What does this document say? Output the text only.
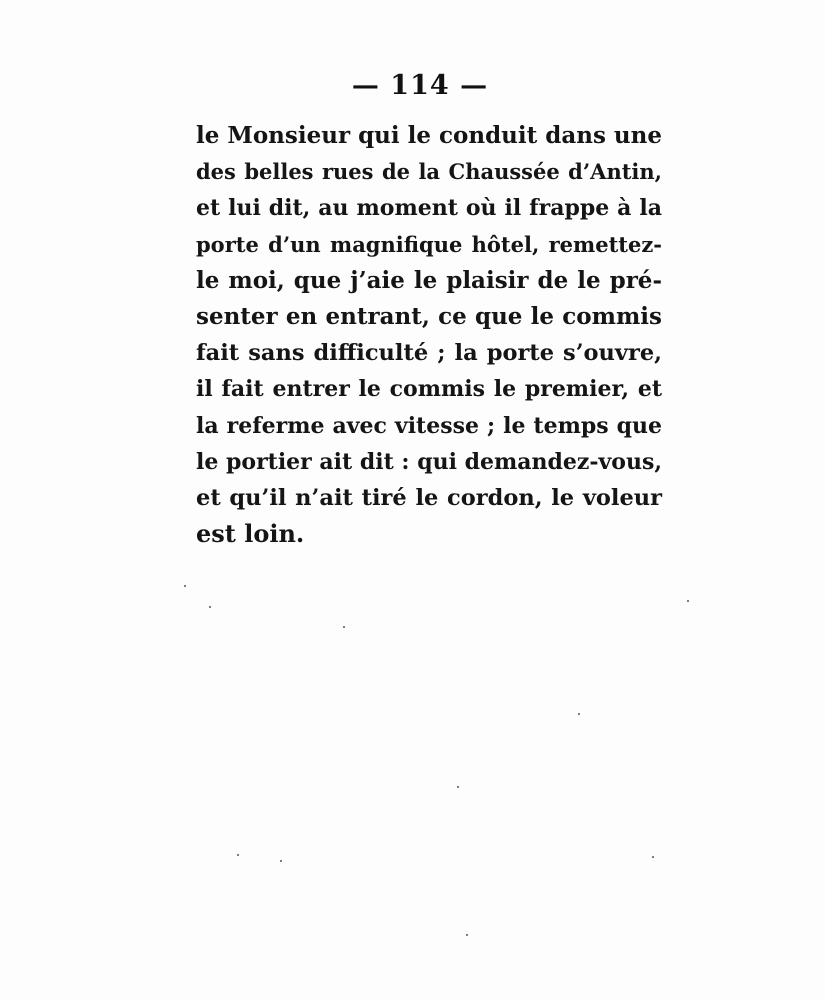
— 114 —
le Monsieur qui le conduit dans une
des belles rues de la Chaussée d’Antin,
et lui dit, au moment où il frappe à la
porte d’un magnifique hôtel, remettez-
le moi, que j’aie le plaisir de le pré-
senter en entrant, ce que le commis
fait sans difficulté ; la porte s’ouvre,
il fait entrer le commis le premier, et
la referme avec vitesse ; le temps que
le portier ait dit : qui demandez-vous,
et qu’il n’ait tiré le cordon, le voleur
est loin.
